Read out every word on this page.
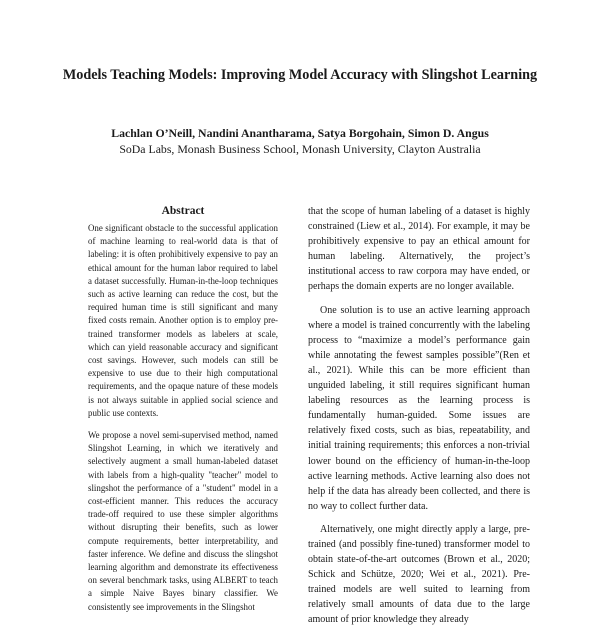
Models Teaching Models: Improving Model Accuracy with Slingshot Learning
Lachlan O’Neill, Nandini Anantharama, Satya Borgohain, Simon D. Angus
SoDa Labs, Monash Business School, Monash University, Clayton Australia
Abstract

One significant obstacle to the successful application of machine learning to real-world data is that of labeling: it is often prohibitively expensive to pay an ethical amount for the human labor required to label a dataset successfully. Human-in-the-loop techniques such as active learning can reduce the cost, but the required human time is still significant and many fixed costs remain. Another option is to employ pre-trained transformer models as labelers at scale, which can yield reasonable accuracy and significant cost savings. However, such models can still be expensive to use due to their high computational requirements, and the opaque nature of these models is not always suitable in applied social science and public use contexts.

We propose a novel semi-supervised method, named Slingshot Learning, in which we iteratively and selectively augment a small human-labeled dataset with labels from a high-quality "teacher" model to slingshot the performance of a "student" model in a cost-efficient manner. This reduces the accuracy trade-off required to use these simpler algorithms without disrupting their benefits, such as lower compute requirements, better interpretability, and faster inference. We define and discuss the slingshot learning algorithm and demonstrate its effectiveness on several benchmark tasks, using ALBERT to teach a simple Naive Bayes binary classifier. We consistently see improvements in the Slingshot

that the scope of human labeling of a dataset is highly constrained (Liew et al., 2014). For example, it may be prohibitively expensive to pay an ethical amount for human labeling. Alternatively, the project’s institutional access to raw corpora may have ended, or perhaps the domain experts are no longer available.

One solution is to use an active learning approach where a model is trained concurrently with the labeling process to “maximize a model’s performance gain while annotating the fewest samples possible”(Ren et al., 2021). While this can be more efficient than unguided labeling, it still requires significant human labeling resources as the learning process is fundamentally human-guided. Some issues are relatively fixed costs, such as bias, repeatability, and initial training requirements; this enforces a non-trivial lower bound on the efficiency of human-in-the-loop active learning methods. Active learning also does not help if the data has already been collected, and there is no way to collect further data.

Alternatively, one might directly apply a large, pre-trained (and possibly fine-tuned) transformer model to obtain state-of-the-art outcomes (Brown et al., 2020; Schick and Schütze, 2020; Wei et al., 2021). Pre-trained models are well suited to learning from relatively small amounts of data due to the large amount of prior knowledge they already
